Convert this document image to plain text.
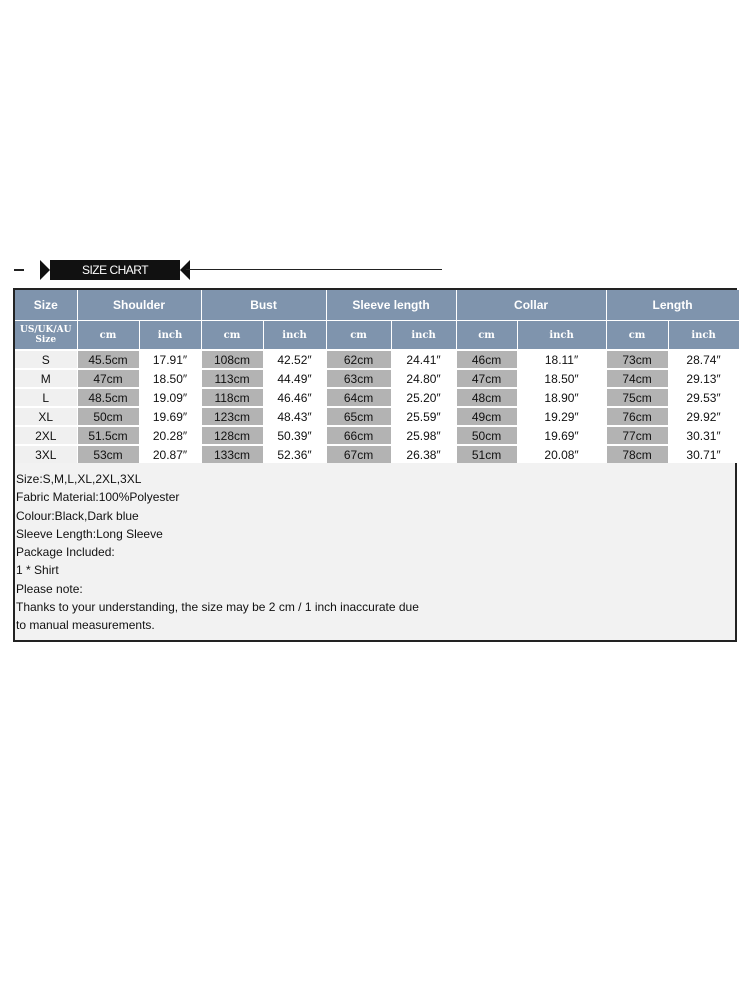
SIZE CHART
Size	Shoulder		Bust		Sleeve length		Collar		Length	

US/UK/AU
Size	cm	inch	cm	inch	cm	inch	cm	inch	cm	inch
S	45.5cm	17.91″	108cm	42.52″	62cm	24.41″	46cm	18.11″	73cm	28.74″
M	47cm	18.50″	113cm	44.49″	63cm	24.80″	47cm	18.50″	74cm	29.13″
L	48.5cm	19.09″	118cm	46.46″	64cm	25.20″	48cm	18.90″	75cm	29.53″
XL	50cm	19.69″	123cm	48.43″	65cm	25.59″	49cm	19.29″	76cm	29.92″
2XL	51.5cm	20.28″	128cm	50.39″	66cm	25.98″	50cm	19.69″	77cm	30.31″
3XL	53cm	20.87″	133cm	52.36″	67cm	26.38″	51cm	20.08″	78cm	30.71″
Size:S,M,L,XL,2XL,3XL
Fabric Material:100%Polyester
Colour:Black,Dark blue
Sleeve Length:Long Sleeve
Package Included:
1 * Shirt
Please note:
Thanks to your understanding, the size may be 2 cm / 1 inch inaccurate due
to manual measurements.
